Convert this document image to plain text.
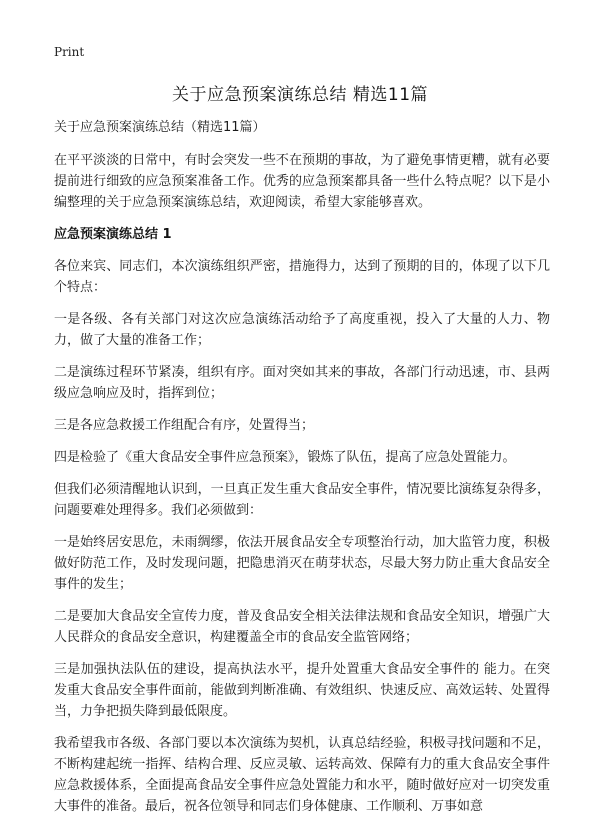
Print
关于应急预案演练总结 精选11篇

关于应急预案演练总结（精选11篇）

在平平淡淡的日常中，有时会突发一些不在预期的事故，为了避免事情更糟，就有必要提前进行细致的应急预案准备工作。优秀的应急预案都具备一些什么特点呢？以下是小编整理的关于应急预案演练总结，欢迎阅读，希望大家能够喜欢。

应急预案演练总结 1

各位来宾、同志们，本次演练组织严密，措施得力，达到了预期的目的，体现了以下几个特点：

一是各级、各有关部门对这次应急演练活动给予了高度重视，投入了大量的人力、物力，做了大量的准备工作；

二是演练过程环节紧凑，组织有序。面对突如其来的事故，各部门行动迅速，市、县两级应急响应及时，指挥到位；

三是各应急救援工作组配合有序，处置得当；

四是检验了《重大食品安全事件应急预案》，锻炼了队伍，提高了应急处置能力。

但我们必须清醒地认识到，一旦真正发生重大食品安全事件，情况要比演练复杂得多，问题要难处理得多。我们必须做到：

一是始终居安思危，未雨绸缪，依法开展食品安全专项整治行动，加大监管力度，积极做好防范工作，及时发现问题，把隐患消灭在萌芽状态，尽最大努力防止重大食品安全事件的发生；

二是要加大食品安全宣传力度，普及食品安全相关法律法规和食品安全知识，增强广大人民群众的食品安全意识，构建覆盖全市的食品安全监管网络；

三是加强执法队伍的建设，提高执法水平，提升处置重大食品安全事件的 能力。在突发重大食品安全事件面前，能做到判断准确、有效组织、快速反应、高效运转、处置得当，力争把损失降到最低限度。

我希望我市各级、各部门要以本次演练为契机，认真总结经验，积极寻找问题和不足，不断构建起统一指挥、结构合理、反应灵敏、运转高效、保障有力的重大食品安全事件应急救援体系，全面提高食品安全事件应急处置能力和水平，随时做好应对一切突发重大事件的准备。最后，祝各位领导和同志们身体健康、工作顺利、万事如意
